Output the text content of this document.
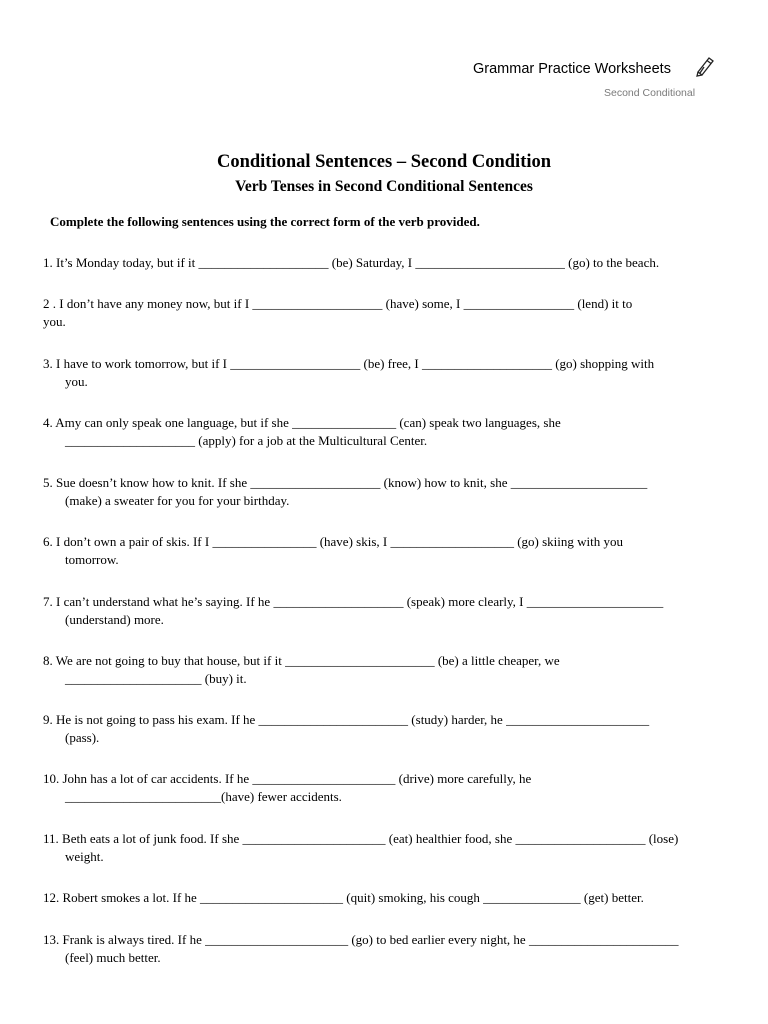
Grammar Practice Worksheets
Second Conditional
Conditional Sentences – Second Condition
Verb Tenses in Second Conditional Sentences
Complete the following sentences using the correct form of the verb provided.
1. It’s Monday today, but if it ____________________ (be) Saturday, I _______________________ (go) to the beach.
2 . I don’t have any money now, but if I ____________________ (have) some, I _________________ (lend) it to
you.
3. I have to work tomorrow, but if I ____________________ (be) free, I ____________________ (go) shopping with
you.
4. Amy can only speak one language, but if she ________________ (can) speak two languages, she
____________________ (apply) for a job at the Multicultural Center.
5. Sue doesn’t know how to knit. If she ____________________ (know) how to knit, she _____________________
(make) a sweater for you for your birthday.
6. I don’t own a pair of skis. If I ________________ (have) skis, I ___________________ (go) skiing with you
tomorrow.
7. I can’t understand what he’s saying. If he ____________________ (speak) more clearly, I _____________________
(understand) more.
8. We are not going to buy that house, but if it _______________________ (be) a little cheaper, we
_____________________ (buy) it.
9. He is not going to pass his exam. If he _______________________ (study) harder, he ______________________
(pass).
10. John has a lot of car accidents. If he ______________________ (drive) more carefully, he
________________________(have) fewer accidents.
11. Beth eats a lot of junk food. If she ______________________ (eat) healthier food, she ____________________ (lose)
weight.
12. Robert smokes a lot. If he ______________________ (quit) smoking, his cough _______________ (get) better.
13. Frank is always tired. If he ______________________ (go) to bed earlier every night, he _______________________
(feel) much better.
